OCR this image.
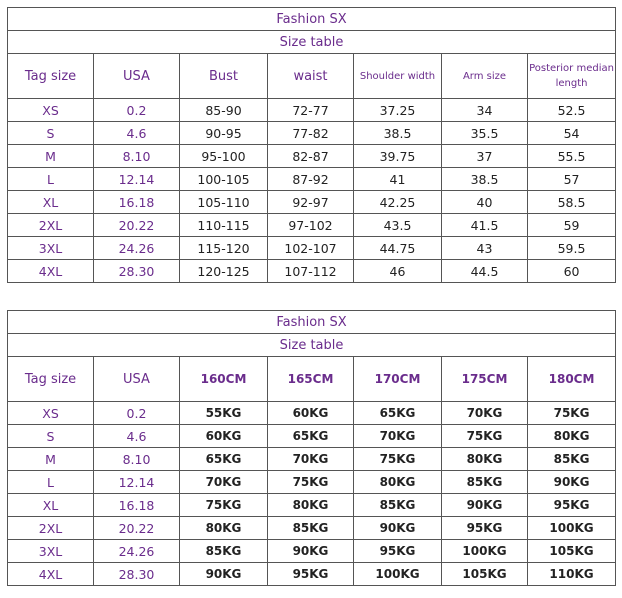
Fashion SX						
Size table						
Tag size	USA	Bust	waist	Shoulder width	Arm size	Posterior median length
XS	0.2	85-90	72-77	37.25	34	52.5
S	4.6	90-95	77-82	38.5	35.5	54
M	8.10	95-100	82-87	39.75	37	55.5
L	12.14	100-105	87-92	41	38.5	57
XL	16.18	105-110	92-97	42.25	40	58.5
2XL	20.22	110-115	97-102	43.5	41.5	59
3XL	24.26	115-120	102-107	44.75	43	59.5
4XL	28.30	120-125	107-112	46	44.5	60
Fashion SX						
Size table						
Tag size	USA	160CM	165CM	170CM	175CM	180CM
XS	0.2	55KG	60KG	65KG	70KG	75KG
S	4.6	60KG	65KG	70KG	75KG	80KG
M	8.10	65KG	70KG	75KG	80KG	85KG
L	12.14	70KG	75KG	80KG	85KG	90KG
XL	16.18	75KG	80KG	85KG	90KG	95KG
2XL	20.22	80KG	85KG	90KG	95KG	100KG
3XL	24.26	85KG	90KG	95KG	100KG	105KG
4XL	28.30	90KG	95KG	100KG	105KG	110KG
